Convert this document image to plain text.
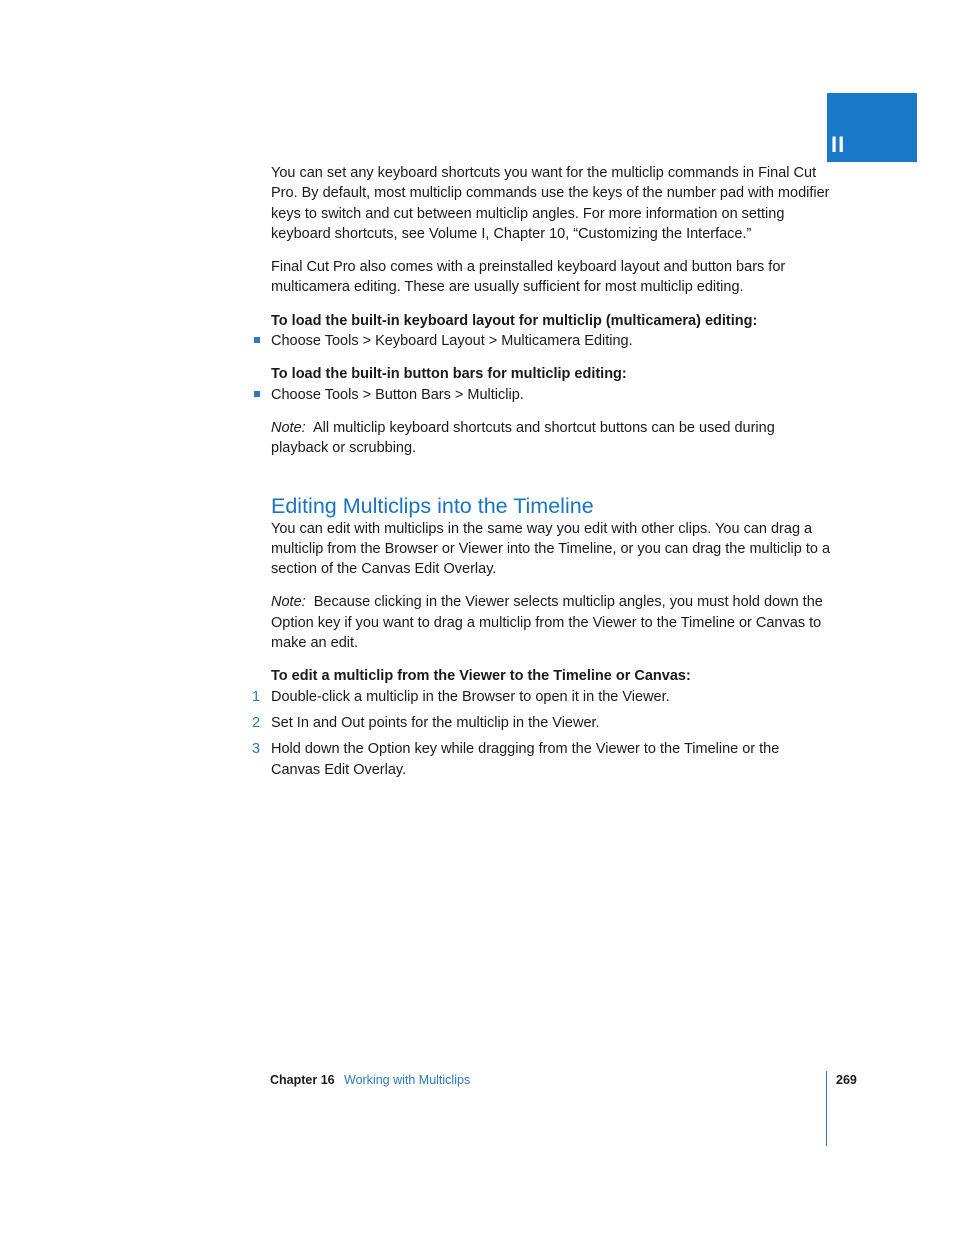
II

You can set any keyboard shortcuts you want for the multiclip commands in Final Cut Pro. By default, most multiclip commands use the keys of the number pad with modifier keys to switch and cut between multiclip angles. For more information on setting keyboard shortcuts, see Volume I, Chapter 10, “Customizing the Interface.”

Final Cut Pro also comes with a preinstalled keyboard layout and button bars for multicamera editing. These are usually sufficient for most multiclip editing.

To load the built-in keyboard layout for multiclip (multicamera) editing:

Choose Tools > Keyboard Layout > Multicamera Editing.

To load the built-in button bars for multiclip editing:

Choose Tools > Button Bars > Multiclip.

Note: All multiclip keyboard shortcuts and shortcut buttons can be used during playback or scrubbing.

Editing Multiclips into the Timeline

You can edit with multiclips in the same way you edit with other clips. You can drag a multiclip from the Browser or Viewer into the Timeline, or you can drag the multiclip to a section of the Canvas Edit Overlay.

Note: Because clicking in the Viewer selects multiclip angles, you must hold down the Option key if you want to drag a multiclip from the Viewer to the Timeline or Canvas to make an edit.

To edit a multiclip from the Viewer to the Timeline or Canvas:

1 Double-click a multiclip in the Browser to open it in the Viewer.
2 Set In and Out points for the multiclip in the Viewer.
3 Hold down the Option key while dragging from the Viewer to the Timeline or the Canvas Edit Overlay.
Chapter 16 Working with Multiclips	269
